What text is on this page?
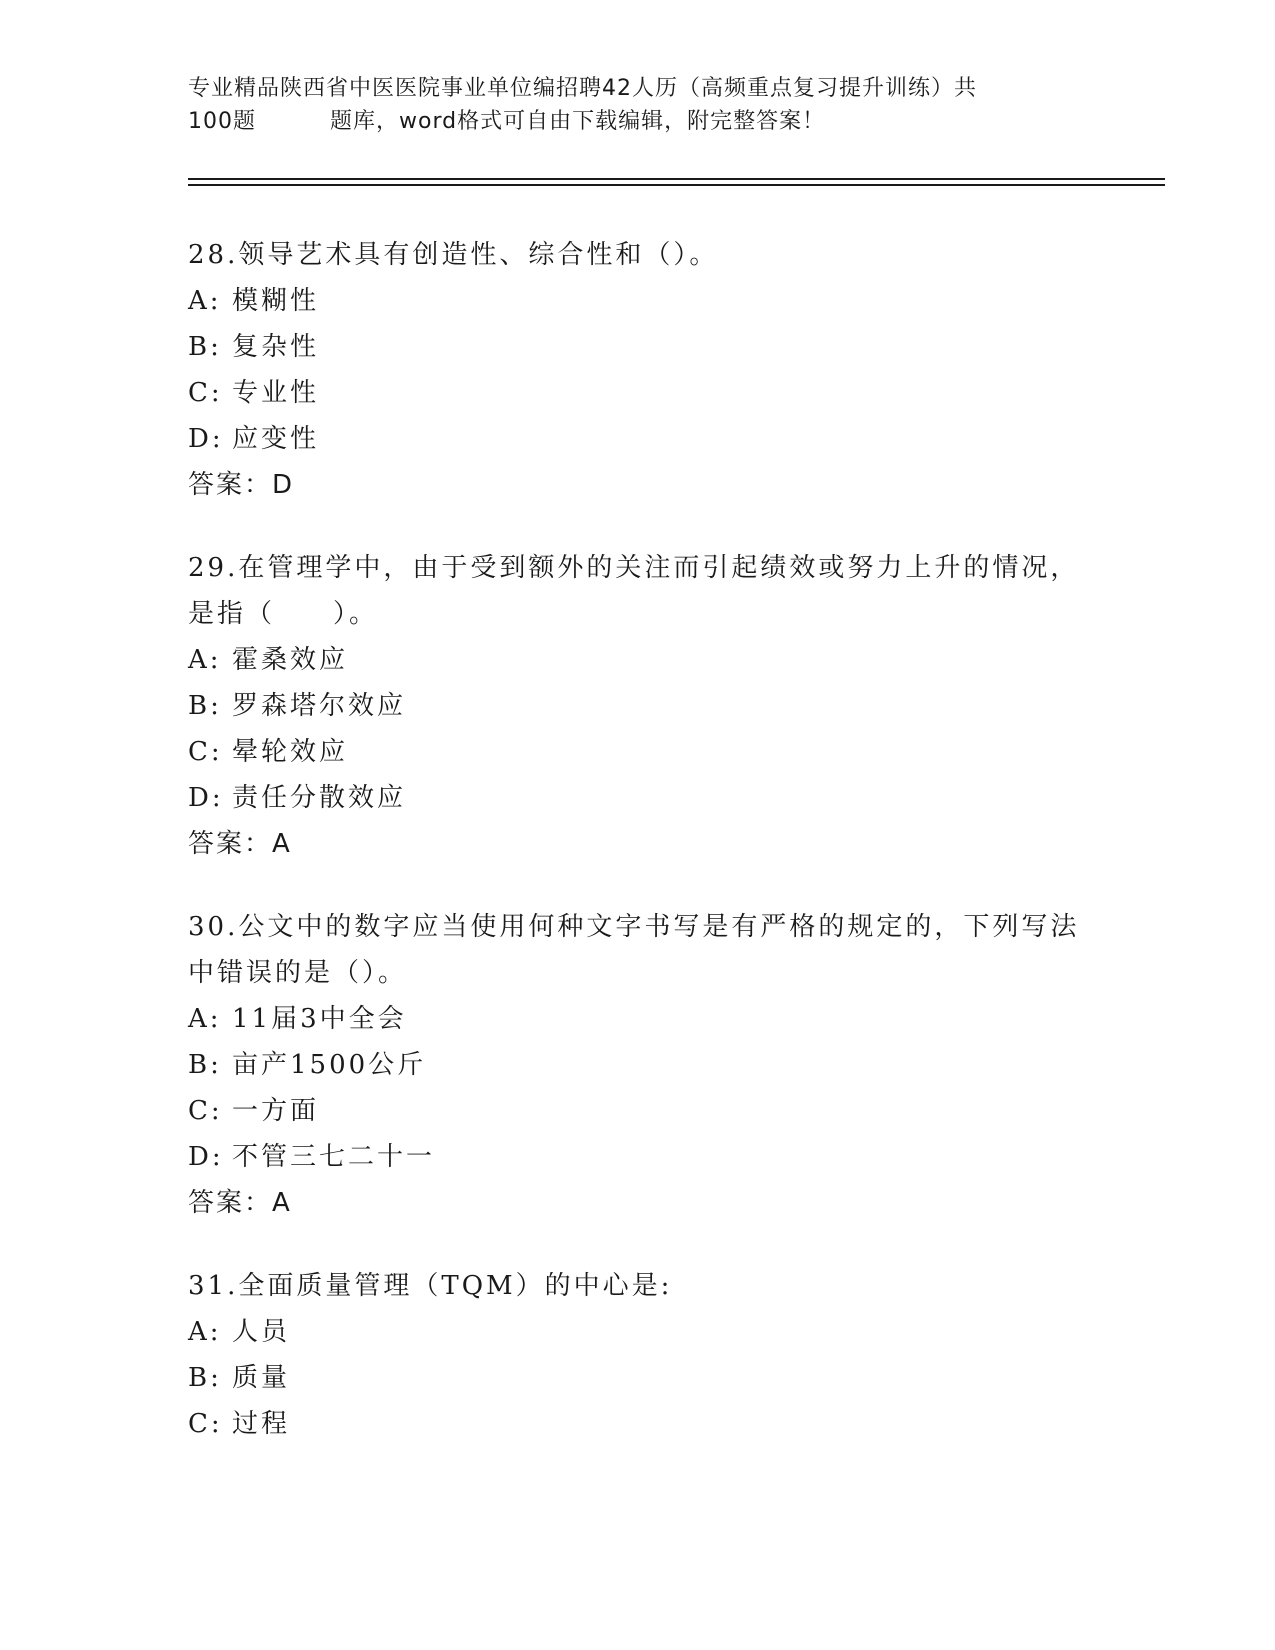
专业精品陕西省中医医院事业单位编招聘42人历（高频重点复习提升训练）共
100题	题库，word格式可自由下载编辑，附完整答案！
28.领导艺术具有创造性、综合性和（）。
A: 模糊性
B: 复杂性
C: 专业性
D: 应变性
答案：D
29.在管理学中，由于受到额外的关注而引起绩效或努力上升的情况，是指（　　）。
A: 霍桑效应
B: 罗森塔尔效应
C: 晕轮效应
D: 责任分散效应
答案：A
30.公文中的数字应当使用何种文字书写是有严格的规定的，下列写法中错误的是（）。
A: 11届3中全会
B: 亩产1500公斤
C: 一方面
D: 不管三七二十一
答案：A
31.全面质量管理（TQM）的中心是:
A: 人员
B: 质量
C: 过程
